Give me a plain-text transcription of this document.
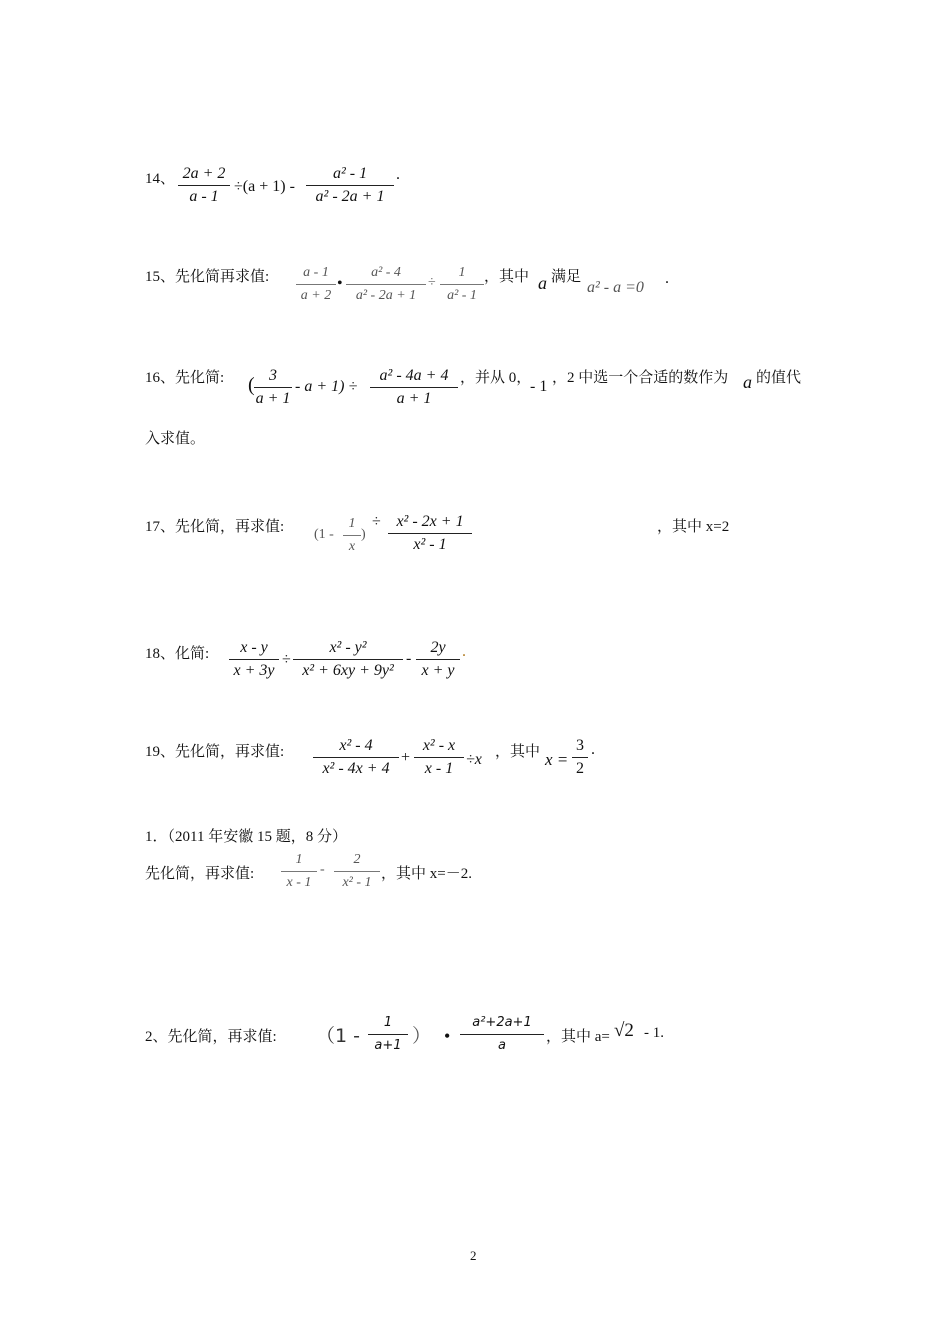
14、 2a + 2
a - 1
÷(a + 1) -
a² - 1
a² - 2a + 1
.
15、先化简再求值:	a - 1
a + 2
•
a² - 4
a² - 2a + 1
÷
1
a² - 1
，其中 a 满足
a² - a =0
.
16、先化简: ( 3
a + 1
- a + 1) ÷
a² - 4a + 4
a + 1
，并从 0，
- 1 ，2 中选一个合适的数作为 a 的值代
入求值。
17、先化简，再求值: (1 -
1
x
)
÷ x² - 2x + 1
x² - 1
，其中 x=2
18、化简:	x - y
x + 3y
÷
x² - y²
x² + 6xy + 9y²
-
2y
x + y
.
19、先化简，再求值:	x² - 4
x² - 4x + 4
+
x² - x
x - 1
÷x ，其中 x =
3
2
.
1．（2011 年安徽 15 题，8 分）
先化简，再求值:
1
x - 1
-
2
x² - 1
，其中 x=－2.
2、先化简，再求值: （1 -
1
a+1 ） •
a²+2a+1
a
，其中 a= √2 - 1.
2
